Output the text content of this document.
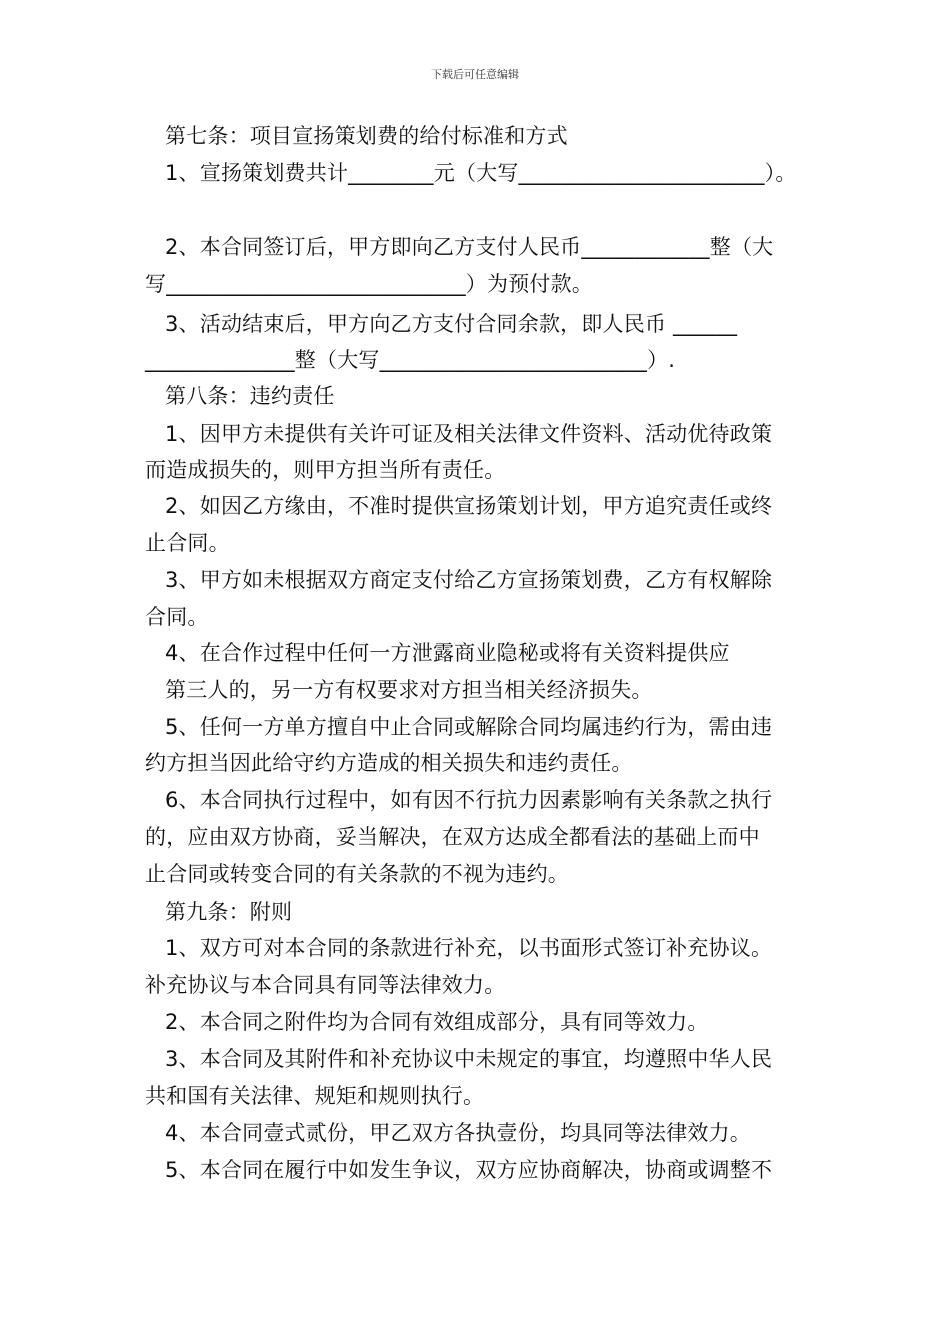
下载后可任意编辑
第七条：项目宣扬策划费的给付标准和方式
1、宣扬策划费共计________元（大写_______________________）。
2、本合同签订后，甲方即向乙方支付人民币____________整（大
写____________________________）为预付款。
3、活动结束后，甲方向乙方支付合同余款，即人民币 ______
______________整（大写_________________________）.
第八条：违约责任
1、因甲方未提供有关许可证及相关法律文件资料、活动优待政策
而造成损失的，则甲方担当所有责任。
2、如因乙方缘由，不准时提供宣扬策划计划，甲方追究责任或终
止合同。
3、甲方如未根据双方商定支付给乙方宣扬策划费，乙方有权解除
合同。
4、在合作过程中任何一方泄露商业隐秘或将有关资料提供应
第三人的，另一方有权要求对方担当相关经济损失。
5、任何一方单方擅自中止合同或解除合同均属违约行为，需由违
约方担当因此给守约方造成的相关损失和违约责任。
6、本合同执行过程中，如有因不行抗力因素影响有关条款之执行
的，应由双方协商，妥当解决，在双方达成全都看法的基础上而中
止合同或转变合同的有关条款的不视为违约。
第九条：附则
1、双方可对本合同的条款进行补充，以书面形式签订补充协议。
补充协议与本合同具有同等法律效力。
2、本合同之附件均为合同有效组成部分，具有同等效力。
3、本合同及其附件和补充协议中未规定的事宜，均遵照中华人民
共和国有关法律、规矩和规则执行。
4、本合同壹式贰份，甲乙双方各执壹份，均具同等法律效力。
5、本合同在履行中如发生争议，双方应协商解决，协商或调整不
